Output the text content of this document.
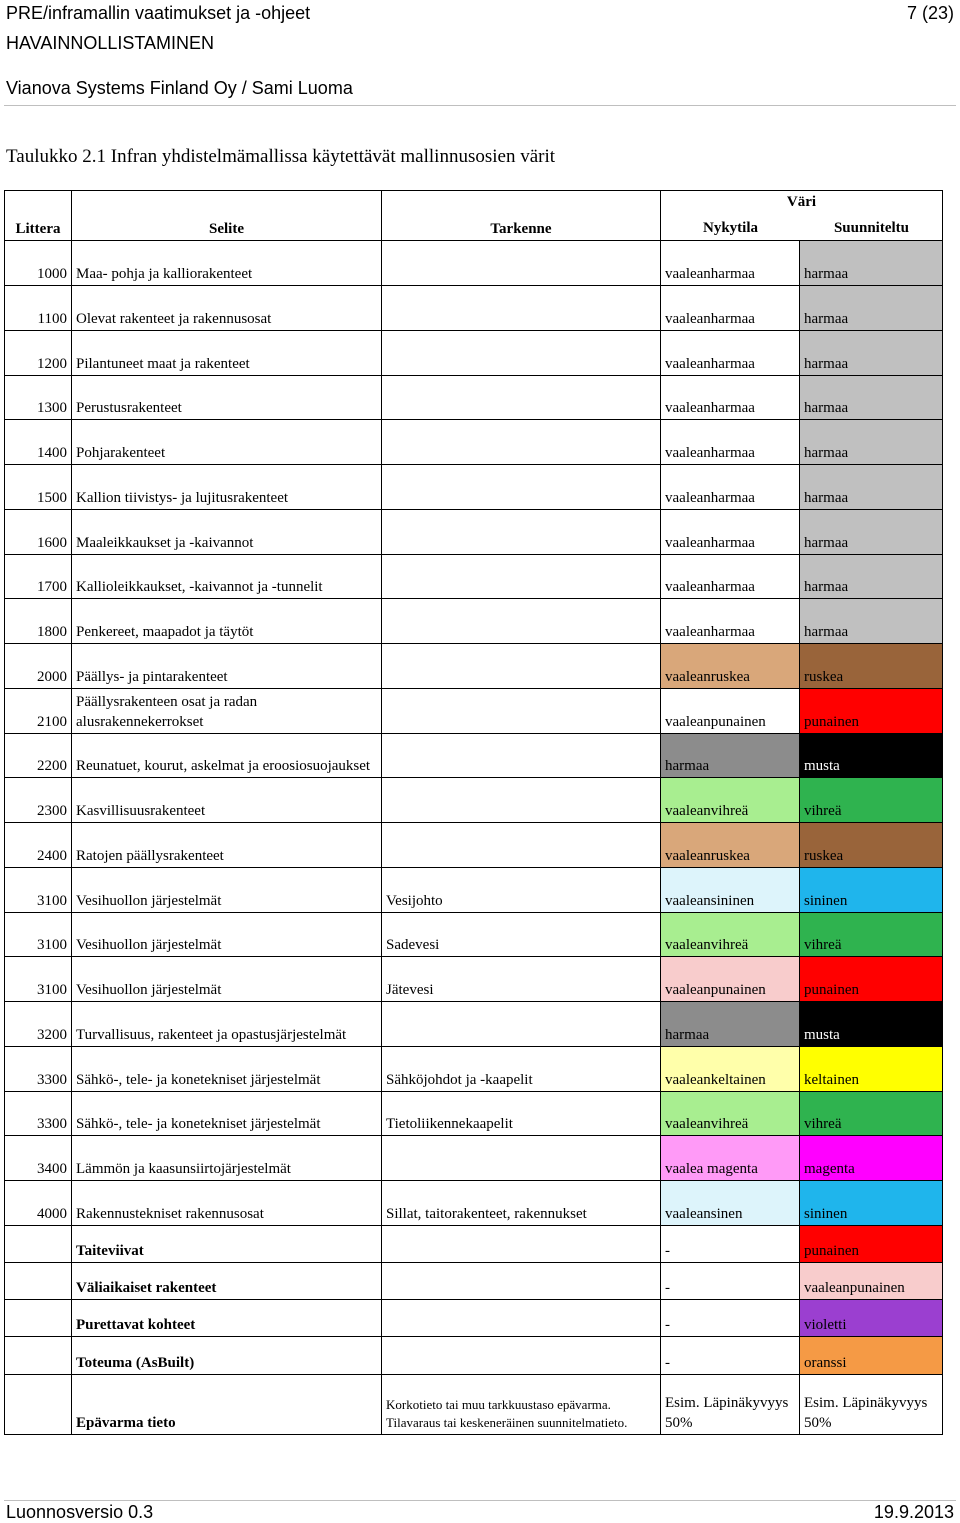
PRE/inframallin vaatimukset ja -ohjeet	7 (23)
HAVAINNOLLISTAMINEN
Vianova Systems Finland Oy / Sami Luoma
Taulukko 2.1 Infran yhdistelmämallissa käytettävät mallinnusosien värit
Littera	Selite	Tarkenne	Väri
Nykytila Suunniteltu	

1000	Maa- pohja ja kalliorakenteet		vaaleanharmaa	harmaa
1100	Olevat rakenteet ja rakennusosat		vaaleanharmaa	harmaa
1200	Pilantuneet maat ja rakenteet		vaaleanharmaa	harmaa
1300	Perustusrakenteet		vaaleanharmaa	harmaa
1400	Pohjarakenteet		vaaleanharmaa	harmaa
1500	Kallion tiivistys- ja lujitusrakenteet		vaaleanharmaa	harmaa
1600	Maaleikkaukset ja -kaivannot		vaaleanharmaa	harmaa
1700	Kallioleikkaukset, -kaivannot ja -tunnelit		vaaleanharmaa	harmaa
1800	Penkereet, maapadot ja täytöt		vaaleanharmaa	harmaa
2000	Päällys- ja pintarakenteet		vaaleanruskea	ruskea
2100	Päällysrakenteen osat ja radan alusrakennekerrokset		vaaleanpunainen	punainen
2200	Reunatuet, kourut, askelmat ja eroosiosuojaukset		harmaa	musta
2300	Kasvillisuusrakenteet		vaaleanvihreä	vihreä
2400	Ratojen päällysrakenteet		vaaleanruskea	ruskea
3100	Vesihuollon järjestelmät	Vesijohto	vaaleansininen	sininen
3100	Vesihuollon järjestelmät	Sadevesi	vaaleanvihreä	vihreä
3100	Vesihuollon järjestelmät	Jätevesi	vaaleanpunainen	punainen
3200	Turvallisuus, rakenteet ja opastusjärjestelmät		harmaa	musta
3300	Sähkö-, tele- ja konetekniset järjestelmät	Sähköjohdot ja -kaapelit	vaaleankeltainen	keltainen
3300	Sähkö-, tele- ja konetekniset järjestelmät	Tietoliikennekaapelit	vaaleanvihreä	vihreä
3400	Lämmön ja kaasunsiirtojärjestelmät		vaalea magenta	magenta
4000	Rakennustekniset rakennusosat	Sillat, taitorakenteet, rakennukset	vaaleansinen	sininen
	Taiteviivat		-	punainen
	Väliaikaiset rakenteet		-	vaaleanpunainen
	Purettavat kohteet		-	violetti
	Toteuma (AsBuilt)		-	oranssi
	Epävarma tieto	Korkotieto tai muu tarkkuustaso epävarma. Tilavaraus tai keskeneräinen suunnitelmatieto.	Esim. Läpinäkyvyys 50%	Esim. Läpinäkyvyys 50%
Luonnosversio 0.3	19.9.2013
